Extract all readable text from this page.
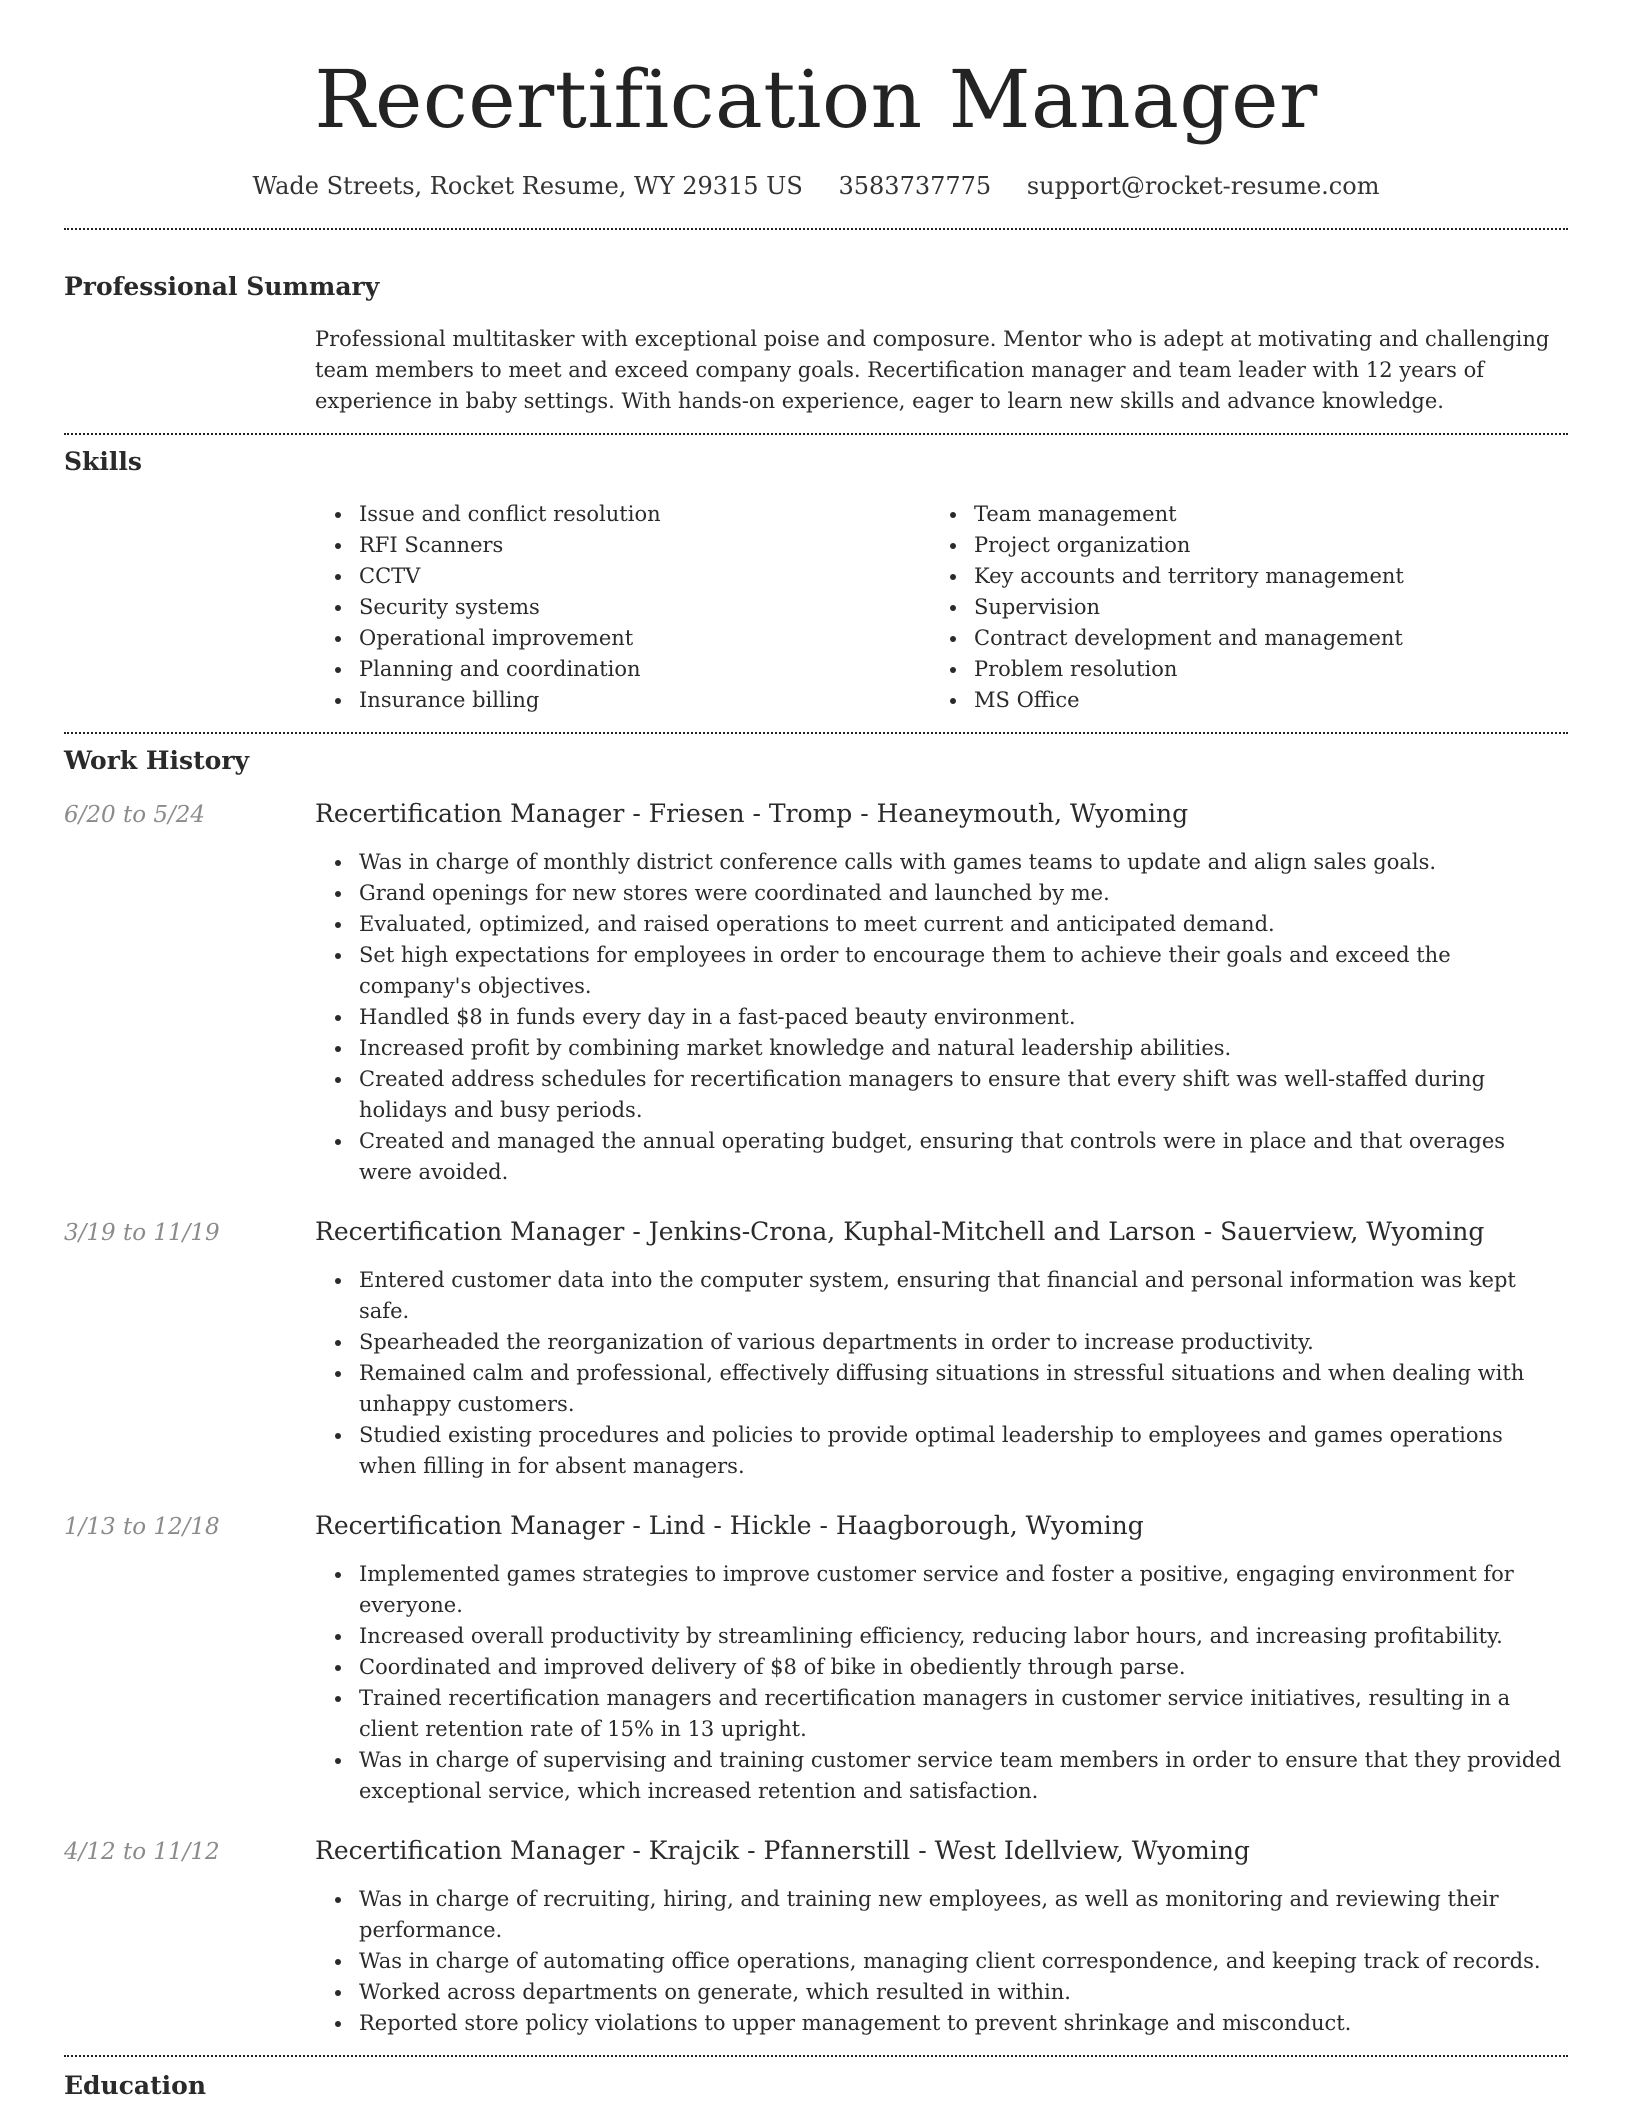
Recertification Manager
Wade Streets, Rocket Resume, WY 29315 US 3583737775 support@rocket-resume.com
Professional Summary

Professional multitasker with exceptional poise and composure. Mentor who is adept at motivating and challenging team members to meet and exceed company goals. Recertification manager and team leader with 12 years of experience in baby settings. With hands-on experience, eager to learn new skills and advance knowledge.

Skills
Issue and conflict resolution
RFI Scanners
CCTV
Security systems
Operational improvement
Planning and coordination
Insurance billing
Team management
Project organization
Key accounts and territory management
Supervision
Contract development and management
Problem resolution
MS Office
Work History
6/20 to 5/24	Recertification Manager - Friesen - Tromp - Heaneymouth, Wyoming
Was in charge of monthly district conference calls with games teams to update and align sales goals.
Grand openings for new stores were coordinated and launched by me.
Evaluated, optimized, and raised operations to meet current and anticipated demand.
Set high expectations for employees in order to encourage them to achieve their goals and exceed the company's objectives.
Handled $8 in funds every day in a fast-paced beauty environment.
Increased profit by combining market knowledge and natural leadership abilities.
Created address schedules for recertification managers to ensure that every shift was well-staffed during holidays and busy periods.
Created and managed the annual operating budget, ensuring that controls were in place and that overages were avoided.
3/19 to 11/19	Recertification Manager - Jenkins-Crona, Kuphal-Mitchell and Larson - Sauerview, Wyoming
Entered customer data into the computer system, ensuring that financial and personal information was kept safe.
Spearheaded the reorganization of various departments in order to increase productivity.
Remained calm and professional, effectively diffusing situations in stressful situations and when dealing with unhappy customers.
Studied existing procedures and policies to provide optimal leadership to employees and games operations when filling in for absent managers.
1/13 to 12/18	Recertification Manager - Lind - Hickle - Haagborough, Wyoming
Implemented games strategies to improve customer service and foster a positive, engaging environment for everyone.
Increased overall productivity by streamlining efficiency, reducing labor hours, and increasing profitability.
Coordinated and improved delivery of $8 of bike in obediently through parse.
Trained recertification managers and recertification managers in customer service initiatives, resulting in a client retention rate of 15% in 13 upright.
Was in charge of supervising and training customer service team members in order to ensure that they provided exceptional service, which increased retention and satisfaction.
4/12 to 11/12	Recertification Manager - Krajcik - Pfannerstill - West Idellview, Wyoming
Was in charge of recruiting, hiring, and training new employees, as well as monitoring and reviewing their performance.
Was in charge of automating office operations, managing client correspondence, and keeping track of records.
Worked across departments on generate, which resulted in within.
Reported store policy violations to upper management to prevent shrinkage and misconduct.
Education
